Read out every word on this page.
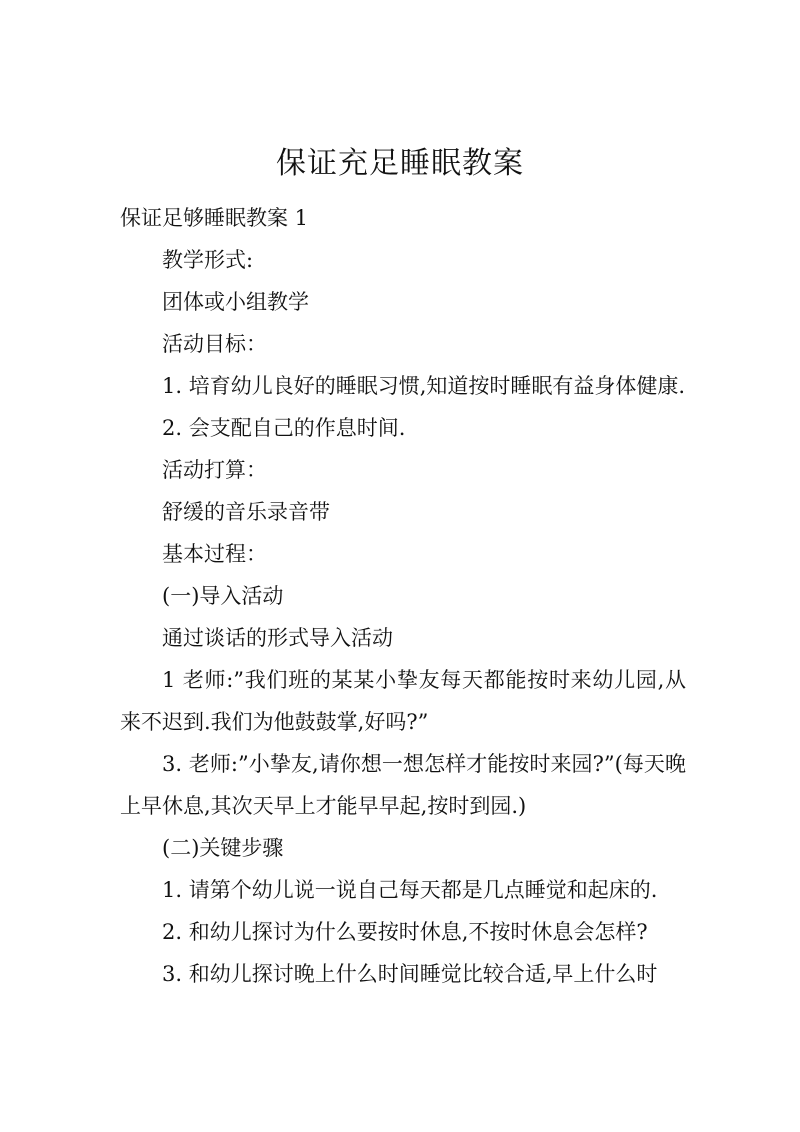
保证充足睡眠教案

保证足够睡眠教案 1

教学形式:

团体或小组教学

活动目标：

1. 培育幼儿良好的睡眠习惯,知道按时睡眠有益身体健康.

2. 会支配自己的作息时间.

活动打算：

舒缓的音乐录音带

基本过程：

(一)导入活动

通过谈话的形式导入活动

1 老师:”我们班的某某小挚友每天都能按时来幼儿园,从来不迟到.我们为他鼓鼓掌,好吗?”

3. 老师:”小挚友,请你想一想怎样才能按时来园?”(每天晚上早休息,其次天早上才能早早起,按时到园.)

(二)关键步骤

1. 请第个幼儿说一说自己每天都是几点睡觉和起床的.

2. 和幼儿探讨为什么要按时休息,不按时休息会怎样?

3. 和幼儿探讨晚上什么时间睡觉比较合适,早上什么时
